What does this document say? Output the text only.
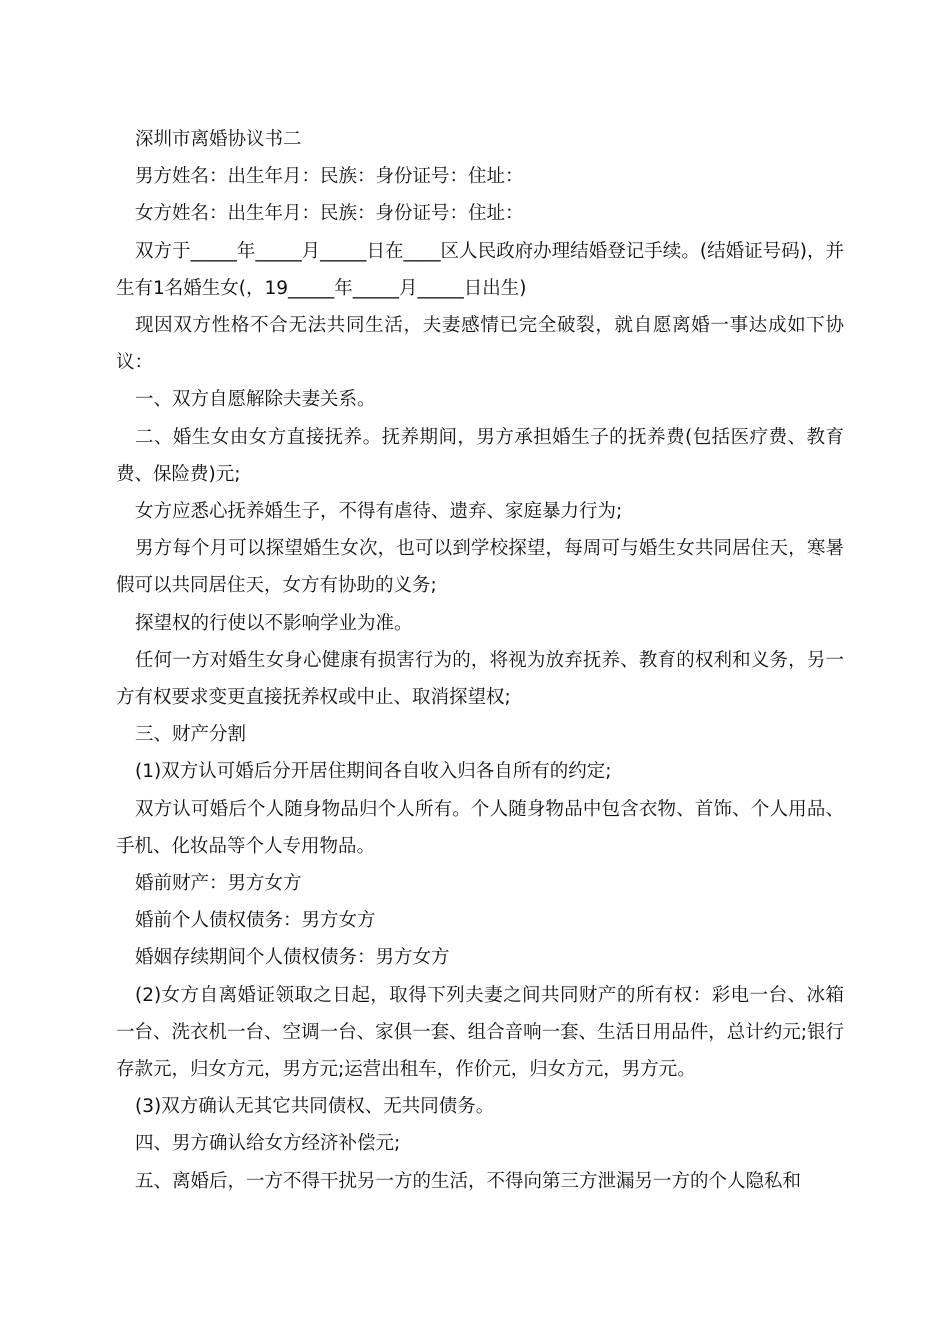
深圳市离婚协议书二

男方姓名：出生年月：民族：身份证号：住址：

女方姓名：出生年月：民族：身份证号：住址：

双方于_____年_____月_____日在____区人民政府办理结婚登记手续。(结婚证号码)，并生有1名婚生女(，19_____年_____月_____日出生)

现因双方性格不合无法共同生活，夫妻感情已完全破裂，就自愿离婚一事达成如下协议：

一、双方自愿解除夫妻关系。

二、婚生女由女方直接抚养。抚养期间，男方承担婚生子的抚养费(包括医疗费、教育费、保险费)元;

女方应悉心抚养婚生子，不得有虐待、遗弃、家庭暴力行为;

男方每个月可以探望婚生女次，也可以到学校探望，每周可与婚生女共同居住天，寒暑假可以共同居住天，女方有协助的义务;

探望权的行使以不影响学业为准。

任何一方对婚生女身心健康有损害行为的，将视为放弃抚养、教育的权利和义务，另一方有权要求变更直接抚养权或中止、取消探望权;

三、财产分割

(1)双方认可婚后分开居住期间各自收入归各自所有的约定;

双方认可婚后个人随身物品归个人所有。个人随身物品中包含衣物、首饰、个人用品、手机、化妆品等个人专用物品。

婚前财产：男方女方

婚前个人债权债务：男方女方

婚姻存续期间个人债权债务：男方女方

(2)女方自离婚证领取之日起，取得下列夫妻之间共同财产的所有权：彩电一台、冰箱一台、洗衣机一台、空调一台、家俱一套、组合音响一套、生活日用品件，总计约元;银行存款元，归女方元，男方元;运营出租车，作价元，归女方元，男方元。

(3)双方确认无其它共同债权、无共同债务。

四、男方确认给女方经济补偿元;

五、离婚后，一方不得干扰另一方的生活，不得向第三方泄漏另一方的个人隐私和
